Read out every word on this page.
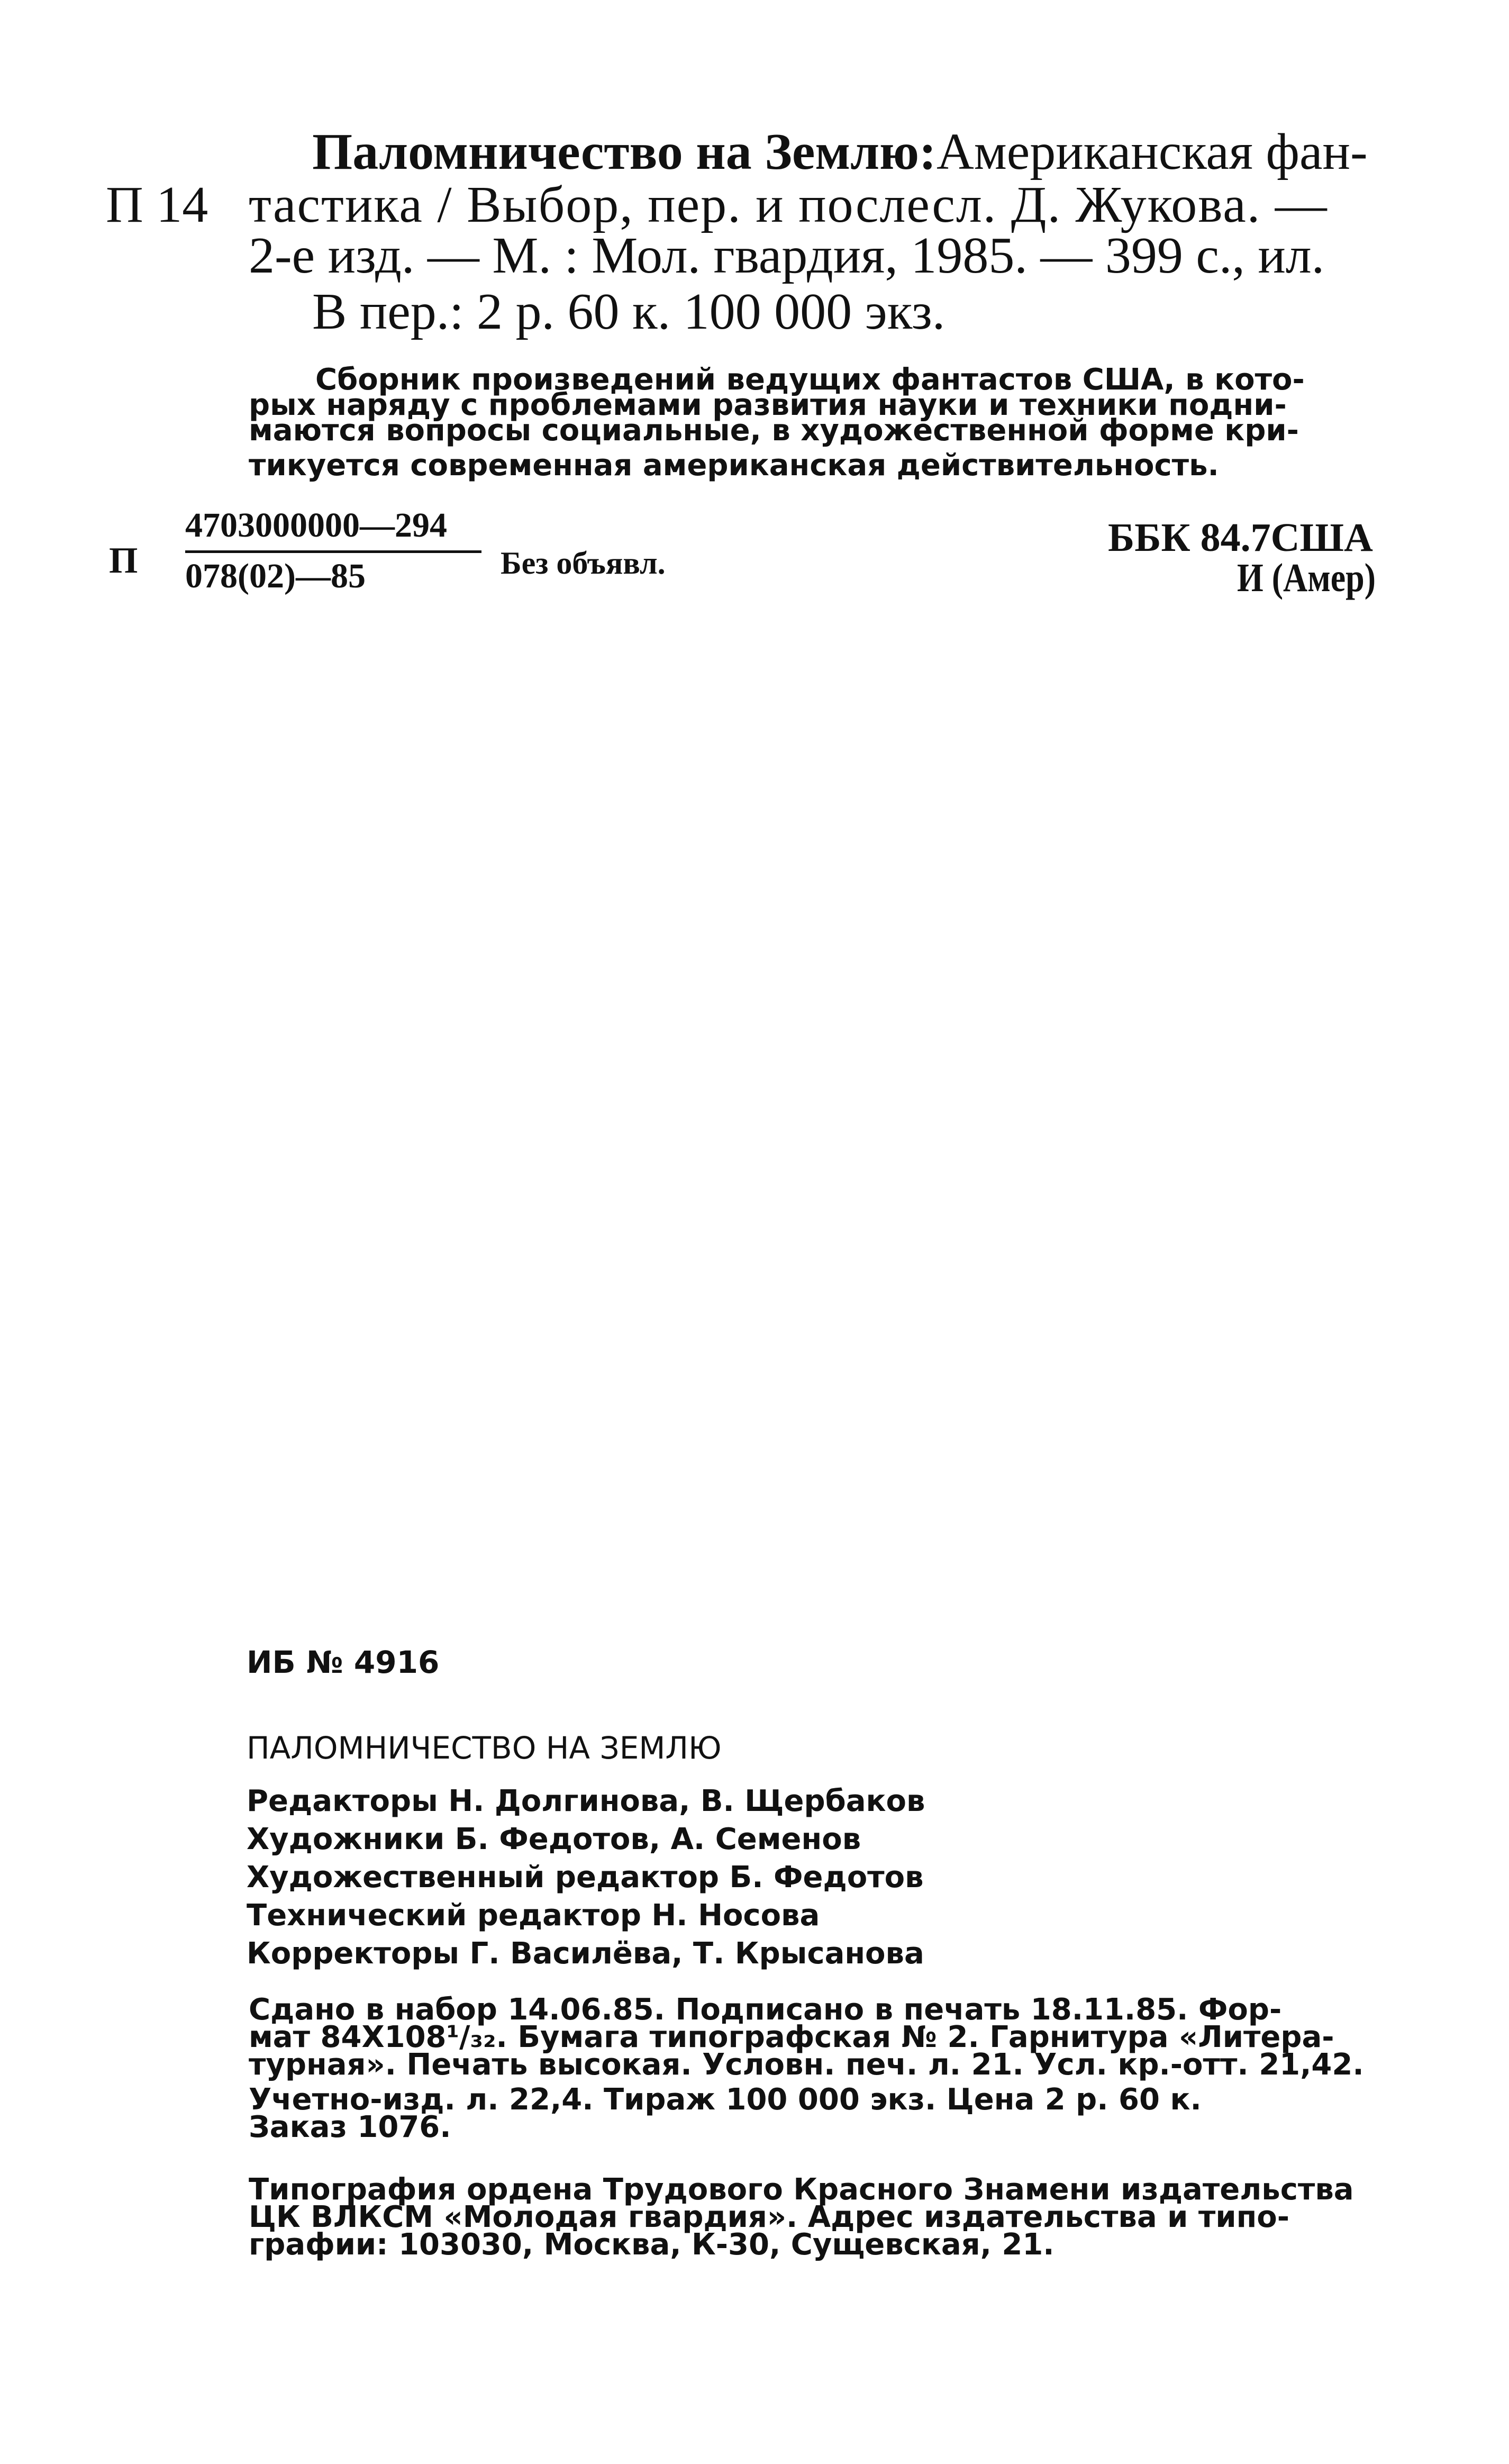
Паломничество на Землю: Американская фан-
П 14 тастика / Выбор, пер. и послесл. Д. Жукова. —
2-е изд. — М. : Мол. гвардия, 1985. — 399 с., ил.
В пер.: 2 р. 60 к. 100 000 экз.
Сборник произведений ведущих фантастов США, в кото-
рых наряду с проблемами развития науки и техники подни-
маются вопросы социальные, в художественной форме кри-
тикуется современная американская действительность.
П
4703000000—294
078(02)—85	Без объявл.
ББК 84.7США
И (Амер)
ИБ № 4916
ПАЛОМНИЧЕСТВО НА ЗЕМЛЮ
Редакторы Н. Долгинова, В. Щербаков
Художники Б. Федотов, А. Семенов
Художественный редактор Б. Федотов
Технический редактор Н. Носова
Корректоры Г. Василёва, Т. Крысанова
Сдано в набор 14.06.85. Подписано в печать 18.11.85. Фор-
мат 84Х108¹/₃₂. Бумага типографская № 2. Гарнитура «Литера-
турная». Печать высокая. Условн. печ. л. 21. Усл. кр.-отт. 21,42.
Учетно-изд. л. 22,4. Тираж 100 000 экз. Цена 2 р. 60 к.
Заказ 1076.
Типография ордена Трудового Красного Знамени издательства
ЦК ВЛКСМ «Молодая гвардия». Адрес издательства и типо-
графии: 103030, Москва, К-30, Сущевская, 21.
